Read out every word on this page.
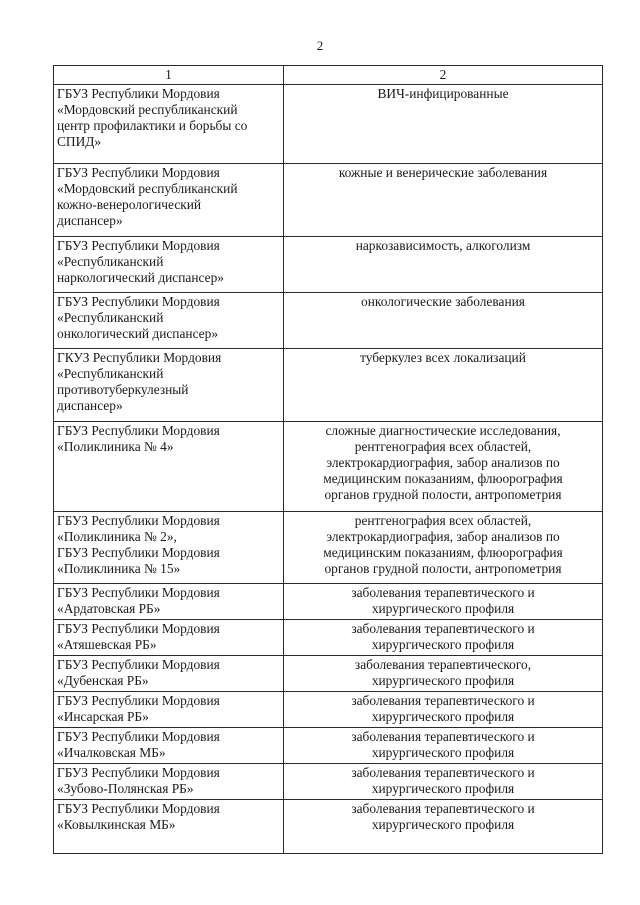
2
1	2
ГБУЗ Республики Мордовия
«Мордовский республиканский
центр профилактики и борьбы со
СПИД»	ВИЧ-инфицированные
ГБУЗ Республики Мордовия
«Мордовский республиканский
кожно-венерологический
диспансер»	кожные и венерические заболевания
ГБУЗ Республики Мордовия
«Республиканский
наркологический диспансер»	наркозависимость, алкоголизм
ГБУЗ Республики Мордовия
«Республиканский
онкологический диспансер»	онкологические заболевания
ГКУЗ Республики Мордовия
«Республиканский
противотуберкулезный
диспансер»	туберкулез всех локализаций
ГБУЗ Республики Мордовия
«Поликлиника № 4»	сложные диагностические исследования,
рентгенография всех областей,
электрокардиография, забор анализов по
медицинским показаниям, флюорография
органов грудной полости, антропометрия
ГБУЗ Республики Мордовия
«Поликлиника № 2»,
ГБУЗ Республики Мордовия
«Поликлиника № 15»	рентгенография всех областей,
электрокардиография, забор анализов по
медицинским показаниям, флюорография
органов грудной полости, антропометрия
ГБУЗ Республики Мордовия
«Ардатовская РБ»	заболевания терапевтического и
хирургического профиля
ГБУЗ Республики Мордовия
«Атяшевская РБ»	заболевания терапевтического и
хирургического профиля
ГБУЗ Республики Мордовия
«Дубенская РБ»	заболевания терапевтического,
хирургического профиля
ГБУЗ Республики Мордовия
«Инсарская РБ»	заболевания терапевтического и
хирургического профиля
ГБУЗ Республики Мордовия
«Ичалковская МБ»	заболевания терапевтического и
хирургического профиля
ГБУЗ Республики Мордовия
«Зубово-Полянская РБ»	заболевания терапевтического и
хирургического профиля
ГБУЗ Республики Мордовия
«Ковылкинская МБ»	заболевания терапевтического и
хирургического профиля
